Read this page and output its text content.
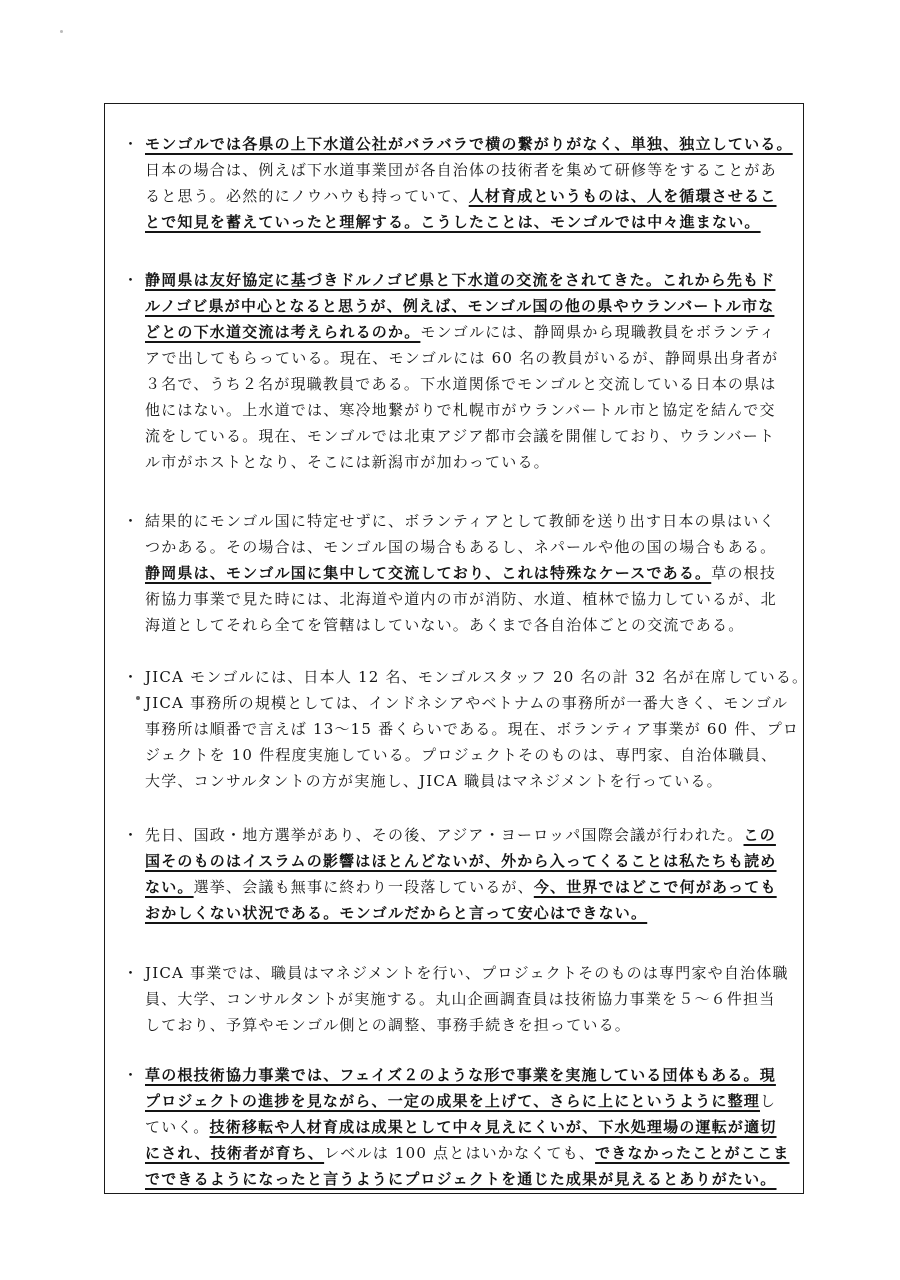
・ モンゴルでは各県の上下水道公社がバラバラで横の繋がりがなく、単独、独立している。
日本の場合は、例えば下水道事業団が各自治体の技術者を集めて研修等をすることがあ
ると思う。必然的にノウハウも持っていて、人材育成というものは、人を循環させるこ
とで知見を蓄えていったと理解する。こうしたことは、モンゴルでは中々進まない。
・ 静岡県は友好協定に基づきドルノゴビ県と下水道の交流をされてきた。これから先もド
ルノゴビ県が中心となると思うが、例えば、モンゴル国の他の県やウランバートル市な
どとの下水道交流は考えられるのか。モンゴルには、静岡県から現職教員をボランティ
アで出してもらっている。現在、モンゴルには 60 名の教員がいるが、静岡県出身者が
３名で、うち２名が現職教員である。下水道関係でモンゴルと交流している日本の県は
他にはない。上水道では、寒冷地繋がりで札幌市がウランバートル市と協定を結んで交
流をしている。現在、モンゴルでは北東アジア都市会議を開催しており、ウランバート
ル市がホストとなり、そこには新潟市が加わっている。
・ 結果的にモンゴル国に特定せずに、ボランティアとして教師を送り出す日本の県はいく
つかある。その場合は、モンゴル国の場合もあるし、ネパールや他の国の場合もある。
静岡県は、モンゴル国に集中して交流しており、これは特殊なケースである。草の根技
術協力事業で見た時には、北海道や道内の市が消防、水道、植林で協力しているが、北
海道としてそれら全てを管轄はしていない。あくまで各自治体ごとの交流である。
・ JICA モンゴルには、日本人 12 名、モンゴルスタッフ 20 名の計 32 名が在席している。
JICA 事務所の規模としては、インドネシアやベトナムの事務所が一番大きく、モンゴル
事務所は順番で言えば 13～15 番くらいである。現在、ボランティア事業が 60 件、プロ
ジェクトを 10 件程度実施している。プロジェクトそのものは、専門家、自治体職員、
大学、コンサルタントの方が実施し、JICA 職員はマネジメントを行っている。
・ 先日、国政・地方選挙があり、その後、アジア・ヨーロッパ国際会議が行われた。この
国そのものはイスラムの影響はほとんどないが、外から入ってくることは私たちも読め
ない。選挙、会議も無事に終わり一段落しているが、今、世界ではどこで何があっても
おかしくない状況である。モンゴルだからと言って安心はできない。
・ JICA 事業では、職員はマネジメントを行い、プロジェクトそのものは専門家や自治体職
員、大学、コンサルタントが実施する。丸山企画調査員は技術協力事業を５～６件担当
しており、予算やモンゴル側との調整、事務手続きを担っている。
・ 草の根技術協力事業では、フェイズ２のような形で事業を実施している団体もある。現
プロジェクトの進捗を見ながら、一定の成果を上げて、さらに上にというように整理し
ていく。技術移転や人材育成は成果として中々見えにくいが、下水処理場の運転が適切
にされ、技術者が育ち、レベルは 100 点とはいかなくても、できなかったことがここま
でできるようになったと言うようにプロジェクトを通じた成果が見えるとありがたい。
